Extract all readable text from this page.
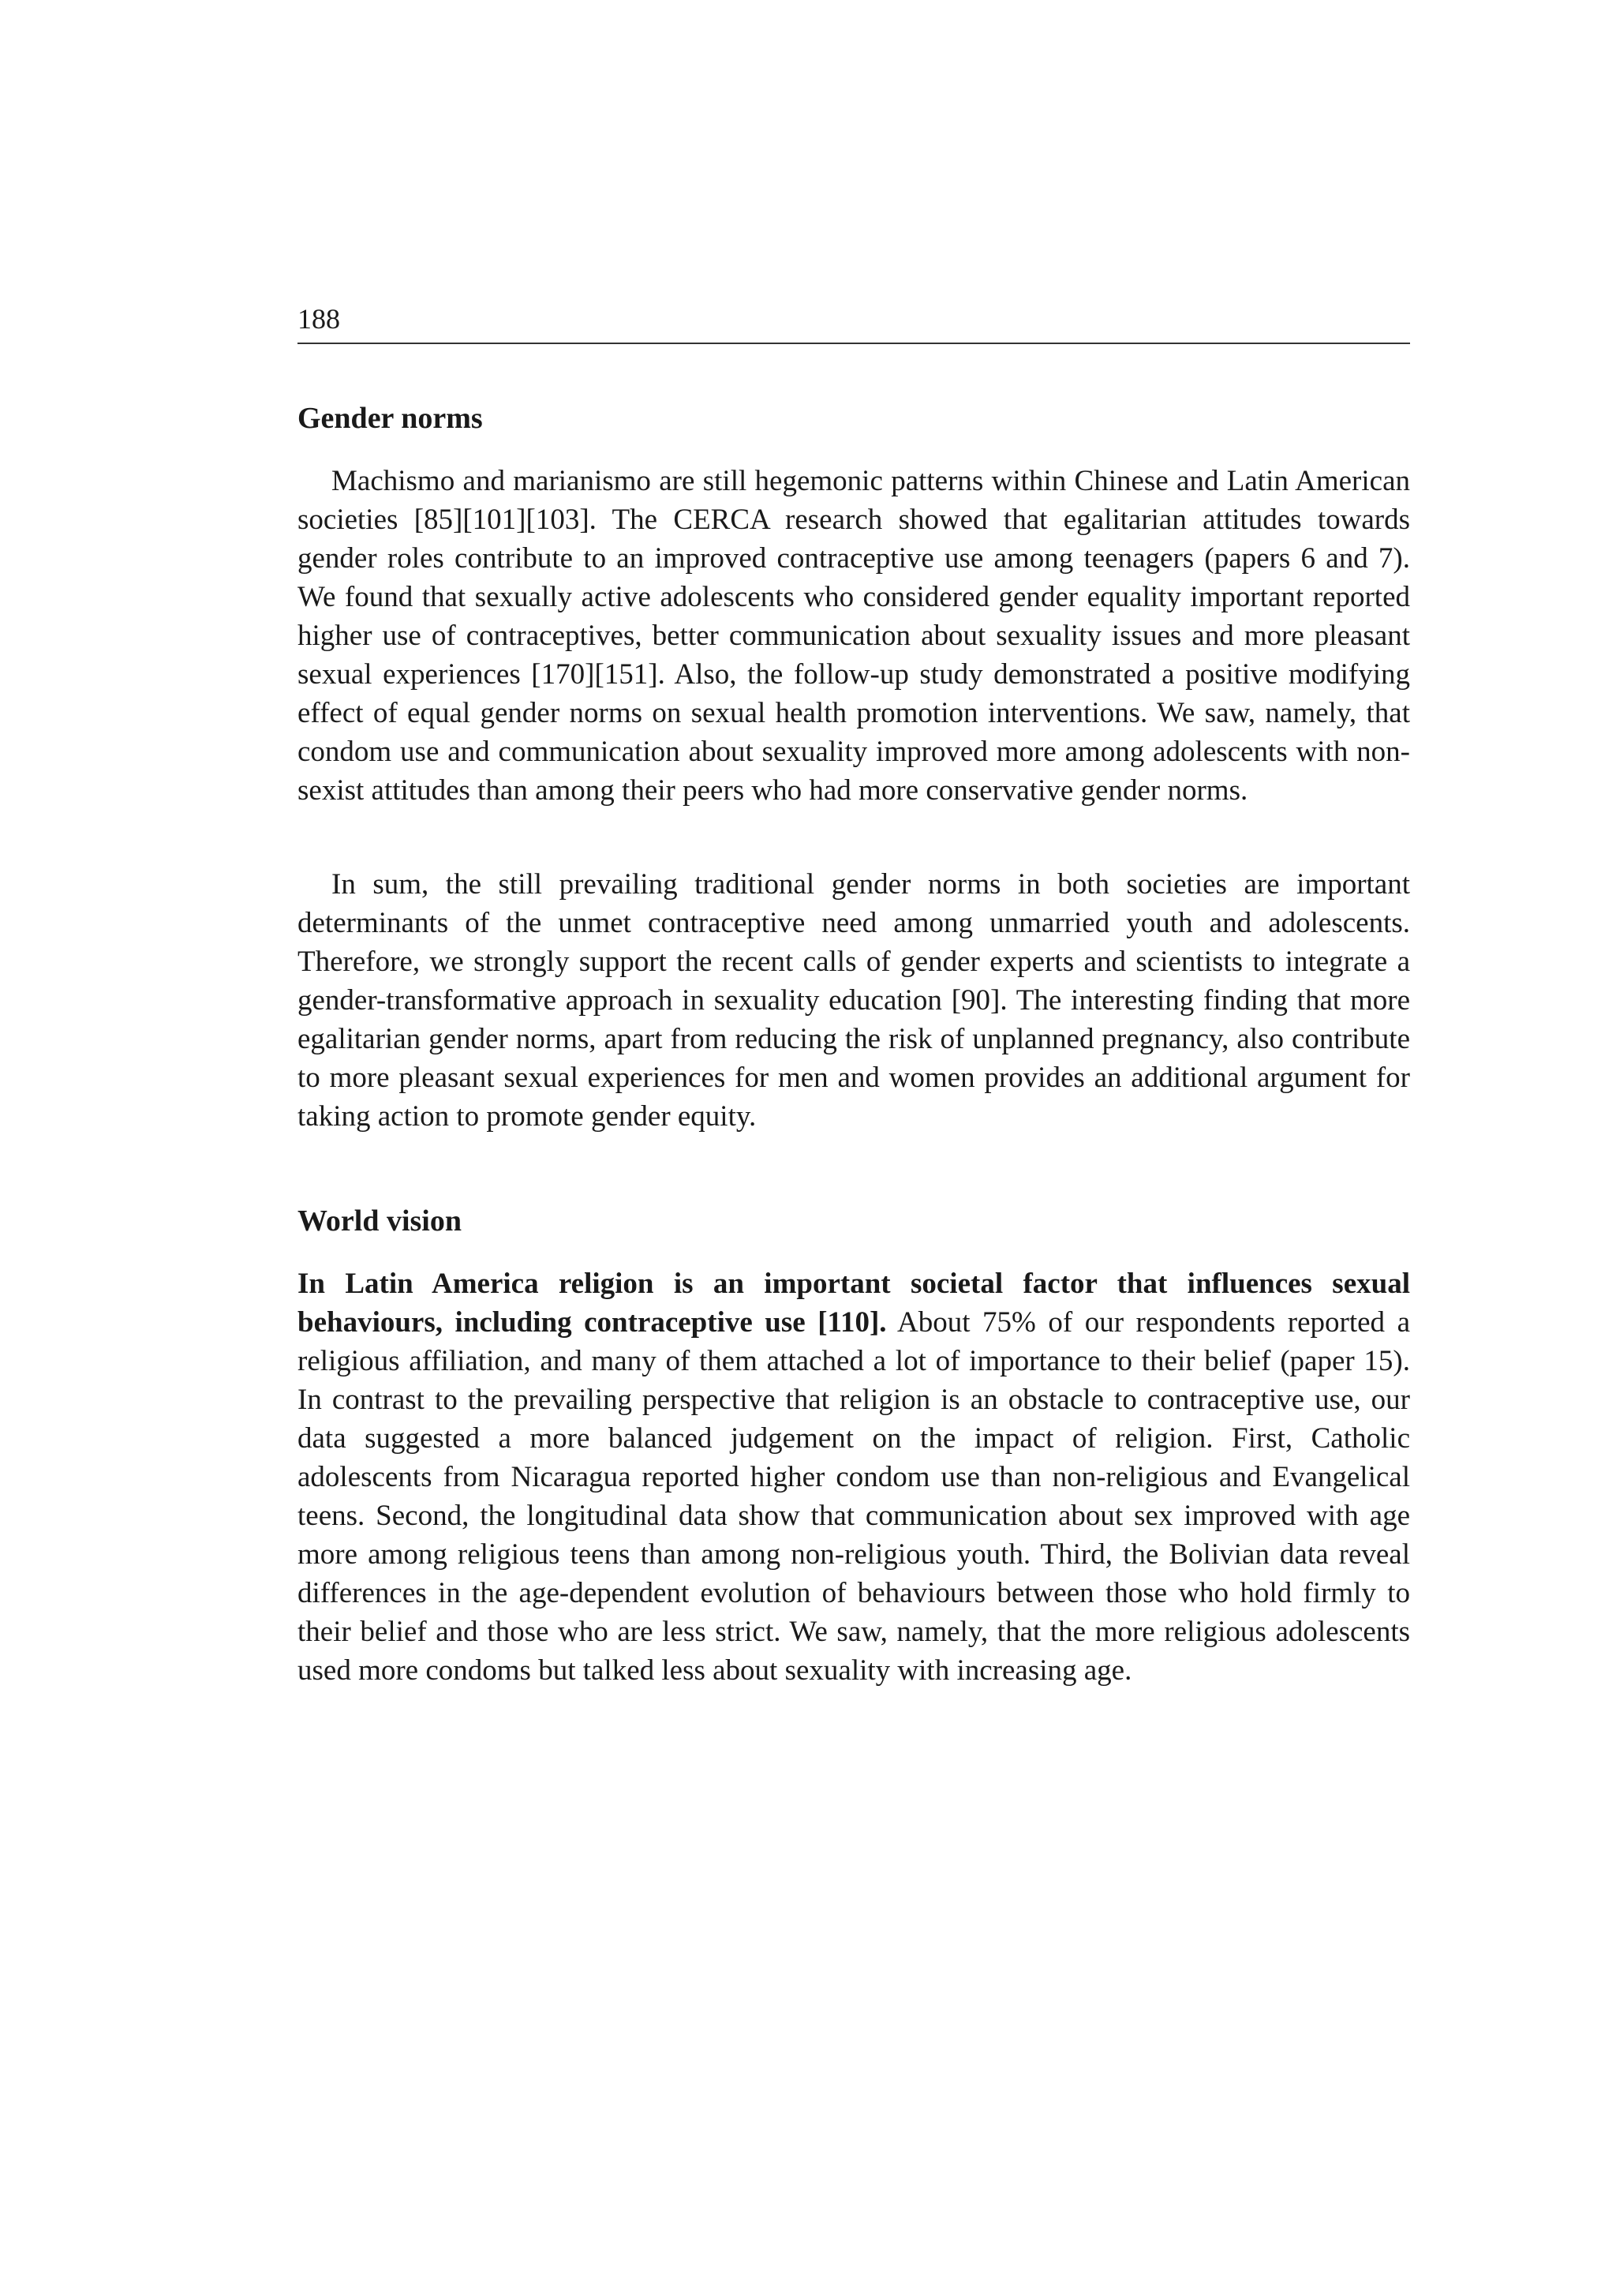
188
Gender norms

Machismo and marianismo are still hegemonic patterns within Chinese and Latin American societies [85][101][103]. The CERCA research showed that egalitarian attitudes towards gender roles contribute to an improved contraceptive use among teenagers (papers 6 and 7). We found that sexually active adolescents who considered gender equality important reported higher use of contraceptives, better communication about sexuality issues and more pleasant sexual experiences [170][151]. Also, the follow-up study demonstrated a positive modifying effect of equal gender norms on sexual health promotion interventions. We saw, namely, that condom use and communication about sexuality improved more among adolescents with non-sexist attitudes than among their peers who had more conservative gender norms.

In sum, the still prevailing traditional gender norms in both societies are important determinants of the unmet contraceptive need among unmarried youth and adolescents. Therefore, we strongly support the recent calls of gender experts and scientists to integrate a gender-transformative approach in sexuality education [90]. The interesting finding that more egalitarian gender norms, apart from reducing the risk of unplanned pregnancy, also contribute to more pleasant sexual experiences for men and women provides an additional argument for taking action to promote gender equity.

World vision

In Latin America religion is an important societal factor that influences sexual behaviours, including contraceptive use [110]. About 75% of our respondents reported a religious affiliation, and many of them attached a lot of importance to their belief (paper 15). In contrast to the prevailing perspective that religion is an obstacle to contraceptive use, our data suggested a more balanced judgement on the impact of religion. First, Catholic adolescents from Nicaragua reported higher condom use than non-religious and Evangelical teens. Second, the longitudinal data show that communication about sex improved with age more among religious teens than among non-religious youth. Third, the Bolivian data reveal differences in the age-dependent evolution of behaviours between those who hold firmly to their belief and those who are less strict. We saw, namely, that the more religious adolescents used more condoms but talked less about sexuality with increasing age.
